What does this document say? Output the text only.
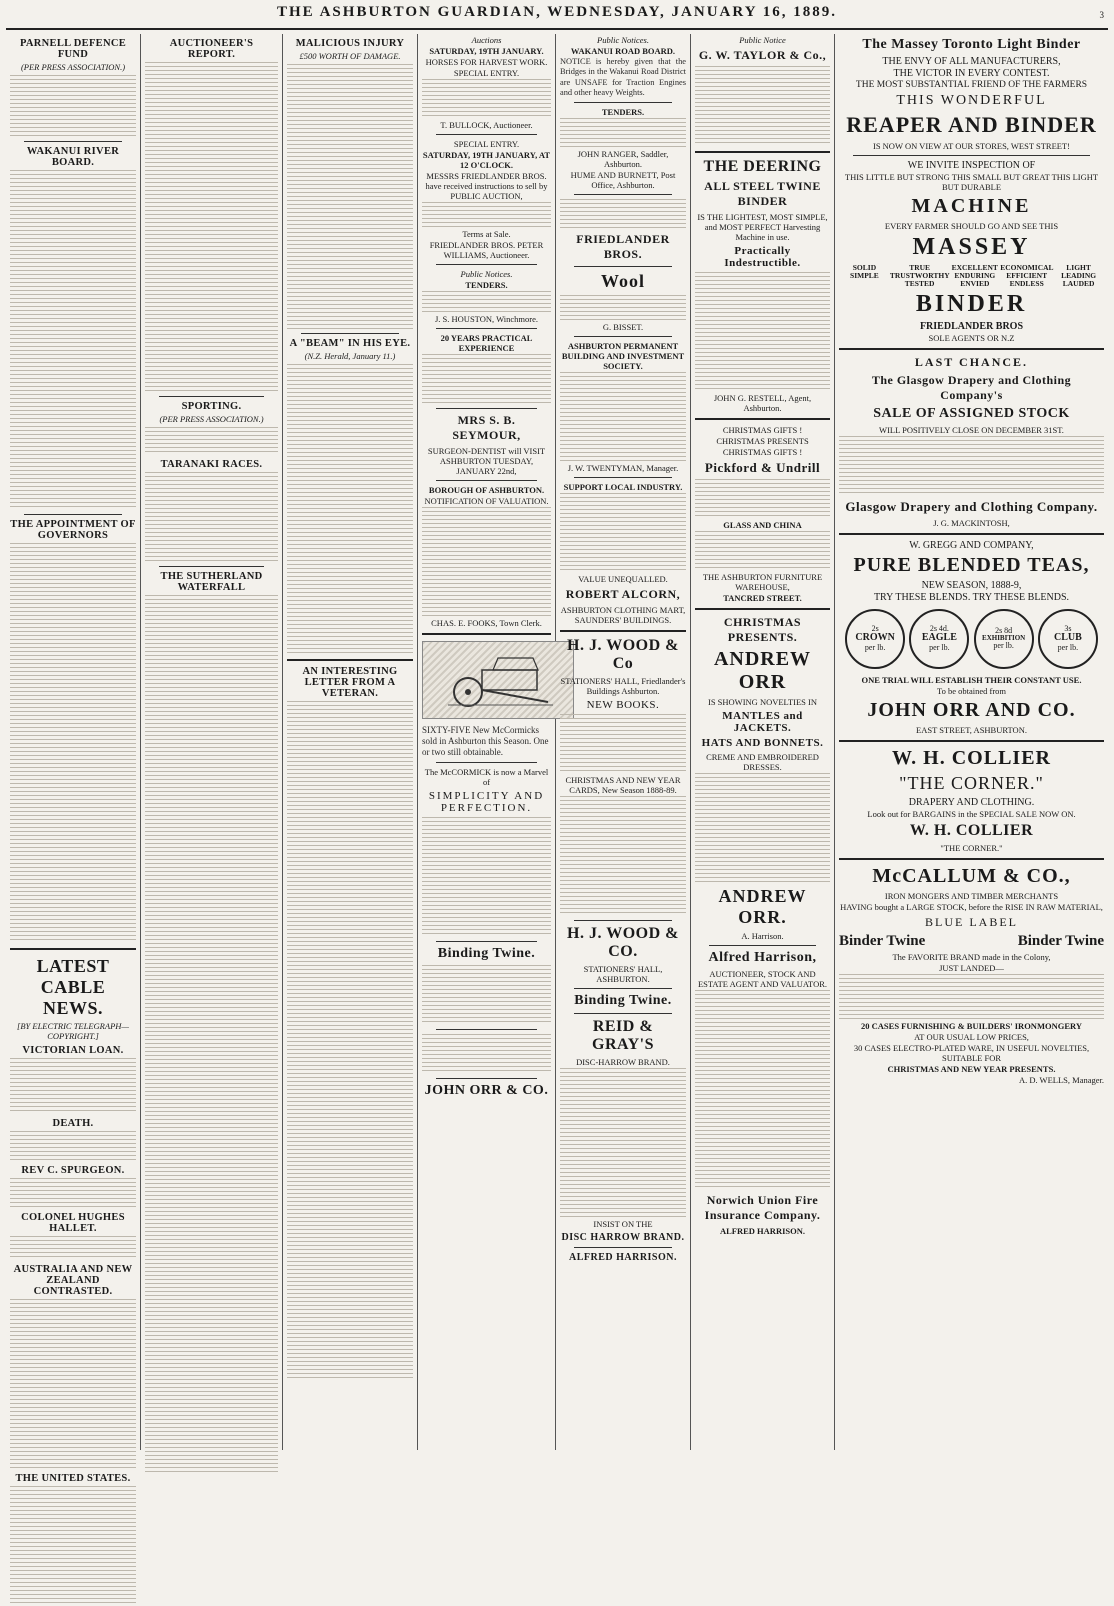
THE ASHBURTON GUARDIAN, WEDNESDAY, JANUARY 16, 1889.	3
PARNELL DEFENCE FUND
(PER PRESS ASSOCIATION.)
WAKANUI RIVER BOARD.
THE APPOINTMENT OF GOVERNORS
LATEST CABLE NEWS.
[BY ELECTRIC TELEGRAPH—COPYRIGHT.]
VICTORIAN LOAN.
DEATH.
REV C. SPURGEON.
COLONEL HUGHES HALLET.
AUSTRALIA AND NEW ZEALAND CONTRASTED.
THE UNITED STATES.
AUCTIONEER'S REPORT.
SPORTING.
(PER PRESS ASSOCIATION.)
TARANAKI RACES.
THE SUTHERLAND WATERFALL
MALICIOUS INJURY
£500 WORTH OF DAMAGE.
A "BEAM" IN HIS EYE.
(N.Z. Herald, January 11.)
AN INTERESTING LETTER FROM A VETERAN.
Auctions
SATURDAY, 19TH JANUARY.
HORSES FOR HARVEST WORK.
SPECIAL ENTRY.
T. BULLOCK, Auctioneer.
SPECIAL ENTRY.
SATURDAY, 19TH JANUARY, AT 12 O'CLOCK.
MESSRS FRIEDLANDER BROS. have received instructions to sell by PUBLIC AUCTION,
Terms at Sale.
FRIEDLANDER BROS. PETER WILLIAMS, Auctioneer.
Public Notices.
TENDERS.
J. S. HOUSTON, Winchmore.
20 YEARS PRACTICAL EXPERIENCE
MRS S. B. SEYMOUR,
SURGEON-DENTIST will VISIT ASHBURTON TUESDAY, JANUARY 22nd,
BOROUGH OF ASHBURTON.
NOTIFICATION OF VALUATION.
CHAS. E. FOOKS, Town Clerk.
SIXTY-FIVE New McCormicks sold in Ashburton this Season. One or two still obtainable.
The McCORMICK is now a Marvel of
SIMPLICITY AND PERFECTION.
Binding Twine.
JOHN ORR & CO.
Public Notices.
WAKANUI ROAD BOARD.
NOTICE is hereby given that the Bridges in the Wakanui Road District are UNSAFE for Traction Engines and other heavy Weights.
TENDERS.
JOHN RANGER, Saddler, Ashburton.
HUME AND BURNETT, Post Office, Ashburton.
FRIEDLANDER BROS.
Wool
G. BISSET.
ASHBURTON PERMANENT BUILDING AND INVESTMENT SOCIETY.
J. W. TWENTYMAN, Manager.
SUPPORT LOCAL INDUSTRY.
VALUE UNEQUALLED.
ROBERT ALCORN,
ASHBURTON CLOTHING MART, SAUNDERS' BUILDINGS.
H. J. WOOD & Co
STATIONERS' HALL, Friedlander's Buildings Ashburton.
NEW BOOKS.
CHRISTMAS AND NEW YEAR CARDS, New Season 1888-89.
H. J. WOOD & CO.
STATIONERS' HALL, ASHBURTON.
Binding Twine.
REID & GRAY'S
DISC-HARROW BRAND.
INSIST ON THE
DISC HARROW BRAND.
ALFRED HARRISON.
Public Notice
G. W. TAYLOR & Co.,
THE DEERING
ALL STEEL TWINE BINDER
IS THE LIGHTEST, MOST SIMPLE, and MOST PERFECT Harvesting Machine in use.
Practically Indestructible.
JOHN G. RESTELL, Agent, Ashburton.
CHRISTMAS GIFTS !
CHRISTMAS PRESENTS
CHRISTMAS GIFTS !
Pickford & Undrill
GLASS AND CHINA
THE ASHBURTON FURNITURE WAREHOUSE,
TANCRED STREET.
CHRISTMAS PRESENTS.
ANDREW ORR
IS SHOWING NOVELTIES IN
MANTLES and JACKETS.
HATS AND BONNETS.
CREME AND EMBROIDERED DRESSES.
ANDREW ORR.
A. Harrison.
Alfred Harrison,
AUCTIONEER, STOCK AND ESTATE AGENT AND VALUATOR.
Norwich Union Fire Insurance Company.
ALFRED HARRISON.
The Massey Toronto Light Binder
THE ENVY OF ALL MANUFACTURERS,
THE VICTOR IN EVERY CONTEST.
THE MOST SUBSTANTIAL FRIEND OF THE FARMERS
THIS WONDERFUL
REAPER AND BINDER
IS NOW ON VIEW AT OUR STORES, WEST STREET!
WE INVITE INSPECTION OF
THIS LITTLE BUT STRONG THIS SMALL BUT GREAT THIS LIGHT BUT DURABLE
MACHINE
EVERY FARMER SHOULD GO AND SEE THIS
MASSEY
SOLID SIMPLE
TRUE TRUSTWORTHY TESTED
EXCELLENT ENDURING ENVIED
ECONOMICAL EFFICIENT ENDLESS
LIGHT LEADING LAUDED
BINDER
FRIEDLANDER BROS
SOLE AGENTS OR N.Z
LAST CHANCE.
The Glasgow Drapery and Clothing Company's
SALE OF ASSIGNED STOCK
WILL POSITIVELY CLOSE ON DECEMBER 31ST.
Glasgow Drapery and Clothing Company.
J. G. MACKINTOSH,
W. GREGG AND COMPANY,
PURE BLENDED TEAS,
NEW SEASON, 1888-9,
TRY THESE BLENDS. TRY THESE BLENDS.
2s
CROWN
per lb.
2s 4d.
EAGLE
per lb.
2s 8d
EXHIBITION
per lb.
3s
CLUB
per lb.
ONE TRIAL WILL ESTABLISH THEIR CONSTANT USE.
To be obtained from
JOHN ORR AND CO.
EAST STREET, ASHBURTON.
W. H. COLLIER
"THE CORNER."
DRAPERY AND CLOTHING.
Look out for BARGAINS in the SPECIAL SALE NOW ON.
W. H. COLLIER
"THE CORNER."
McCALLUM & CO.,
IRON MONGERS AND TIMBER MERCHANTS
HAVING bought a LARGE STOCK, before the RISE IN RAW MATERIAL,
BLUE LABEL
Binder Twine	Binder Twine
The FAVORITE BRAND made in the Colony,
JUST LANDED—
20 CASES FURNISHING & BUILDERS' IRONMONGERY
AT OUR USUAL LOW PRICES,
30 CASES ELECTRO-PLATED WARE, IN USEFUL NOVELTIES, SUITABLE FOR
CHRISTMAS AND NEW YEAR PRESENTS.
A. D. WELLS, Manager.
